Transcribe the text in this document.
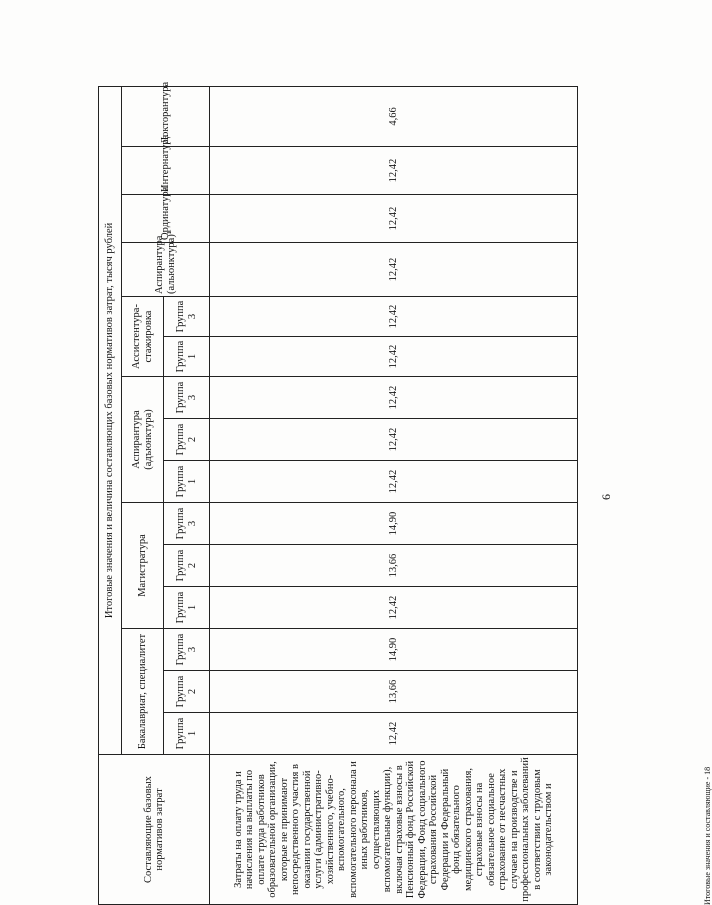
Составляющие базовых нормативов затрат	Итоговые значения и величина составляющих базовых нормативов затрат, тысяч рублей														
	Бакалавриат, специалитет			Магистратура			Аспирантура (адъюнктура)			Ассистентура-стажировка		Аспирантура (альюнктура)¹	Ординатура	Интернатура	Докторантура
	Группа 1	Группа 2	Группа 3	Группа 1	Группа 2	Группа 3	Группа 1	Группа 2	Группа 3	Группа 1	Группа 3				
Затраты на оплату труда и начисления на выплаты по оплате труда работников образовательной организации, которые не принимают непосредственного участия в оказании государственной услуги (административно-хозяйственного, учебно-вспомогательного, вспомогательного персонала и иных работников, осуществляющих вспомогательные функции), включая страховые взносы в Пенсионный фонд Российской Федерации, Фонд социального страхования Российской Федерации и Федеральный фонд обязательного медицинского страхования, страховые взносы на обязательное социальное страхование от несчастных случаев на производстве и профессиональных заболеваний в соответствии с трудовым законодательством и	12,42	13,66	14,90	12,42	13,66	14,90	12,42	12,42	12,42	12,42	12,42	12,42	12,42	12,42	4,66
6
Итоговые значения и составляющие - 18
